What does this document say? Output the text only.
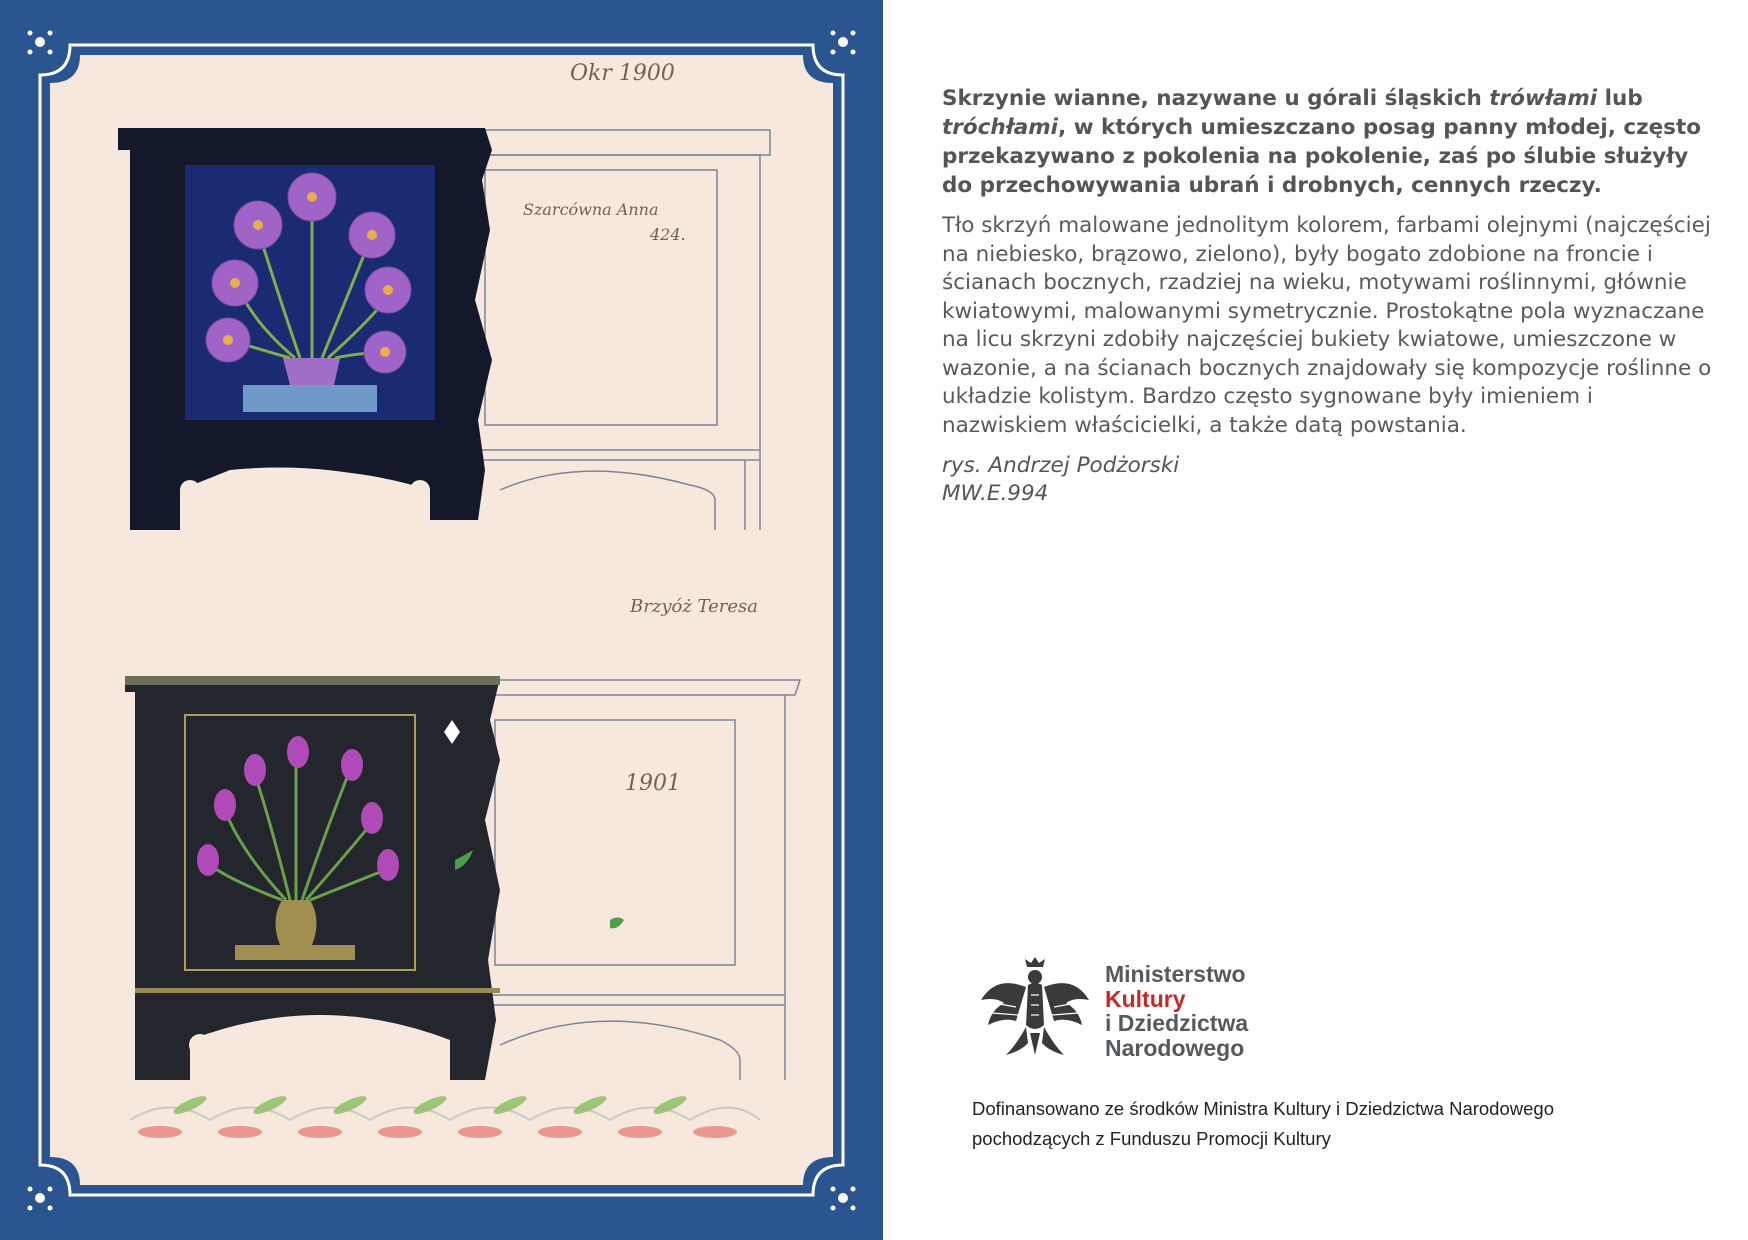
Okr 1900
Szarcówna Anna
424.
Brzyóż Teresa
1901

Skrzynie wianne, nazywane u górali śląskich trówłami lub tróchłami, w których umieszczano posag panny młodej, często przekazywano z pokolenia na pokolenie, zaś po ślubie służyły do przechowywania ubrań i drobnych, cennych rzeczy.

Tło skrzyń malowane jednolitym kolorem, farbami olejnymi (najczęściej na niebiesko, brązowo, zielono), były bogato zdobione na froncie i ścianach bocznych, rzadziej na wieku, motywami roślinnymi, głównie kwiatowymi, malowanymi symetrycznie. Prostokątne pola wyznaczane na licu skrzyni zdobiły najczęściej bukiety kwiatowe, umieszczone w wazonie, a na ścianach bocznych znajdowały się kompozycje roślinne o układzie kolistym. Bardzo często sygnowane były imieniem i nazwiskiem właścicielki, a także datą powstania.

rys. Andrzej Podżorski

MW.E.994

Ministerstwo
Kultury
i Dziedzictwa
Narodowego
Dofinansowano ze środków Ministra Kultury i Dziedzictwa Narodowego
pochodzących z Funduszu Promocji Kultury
